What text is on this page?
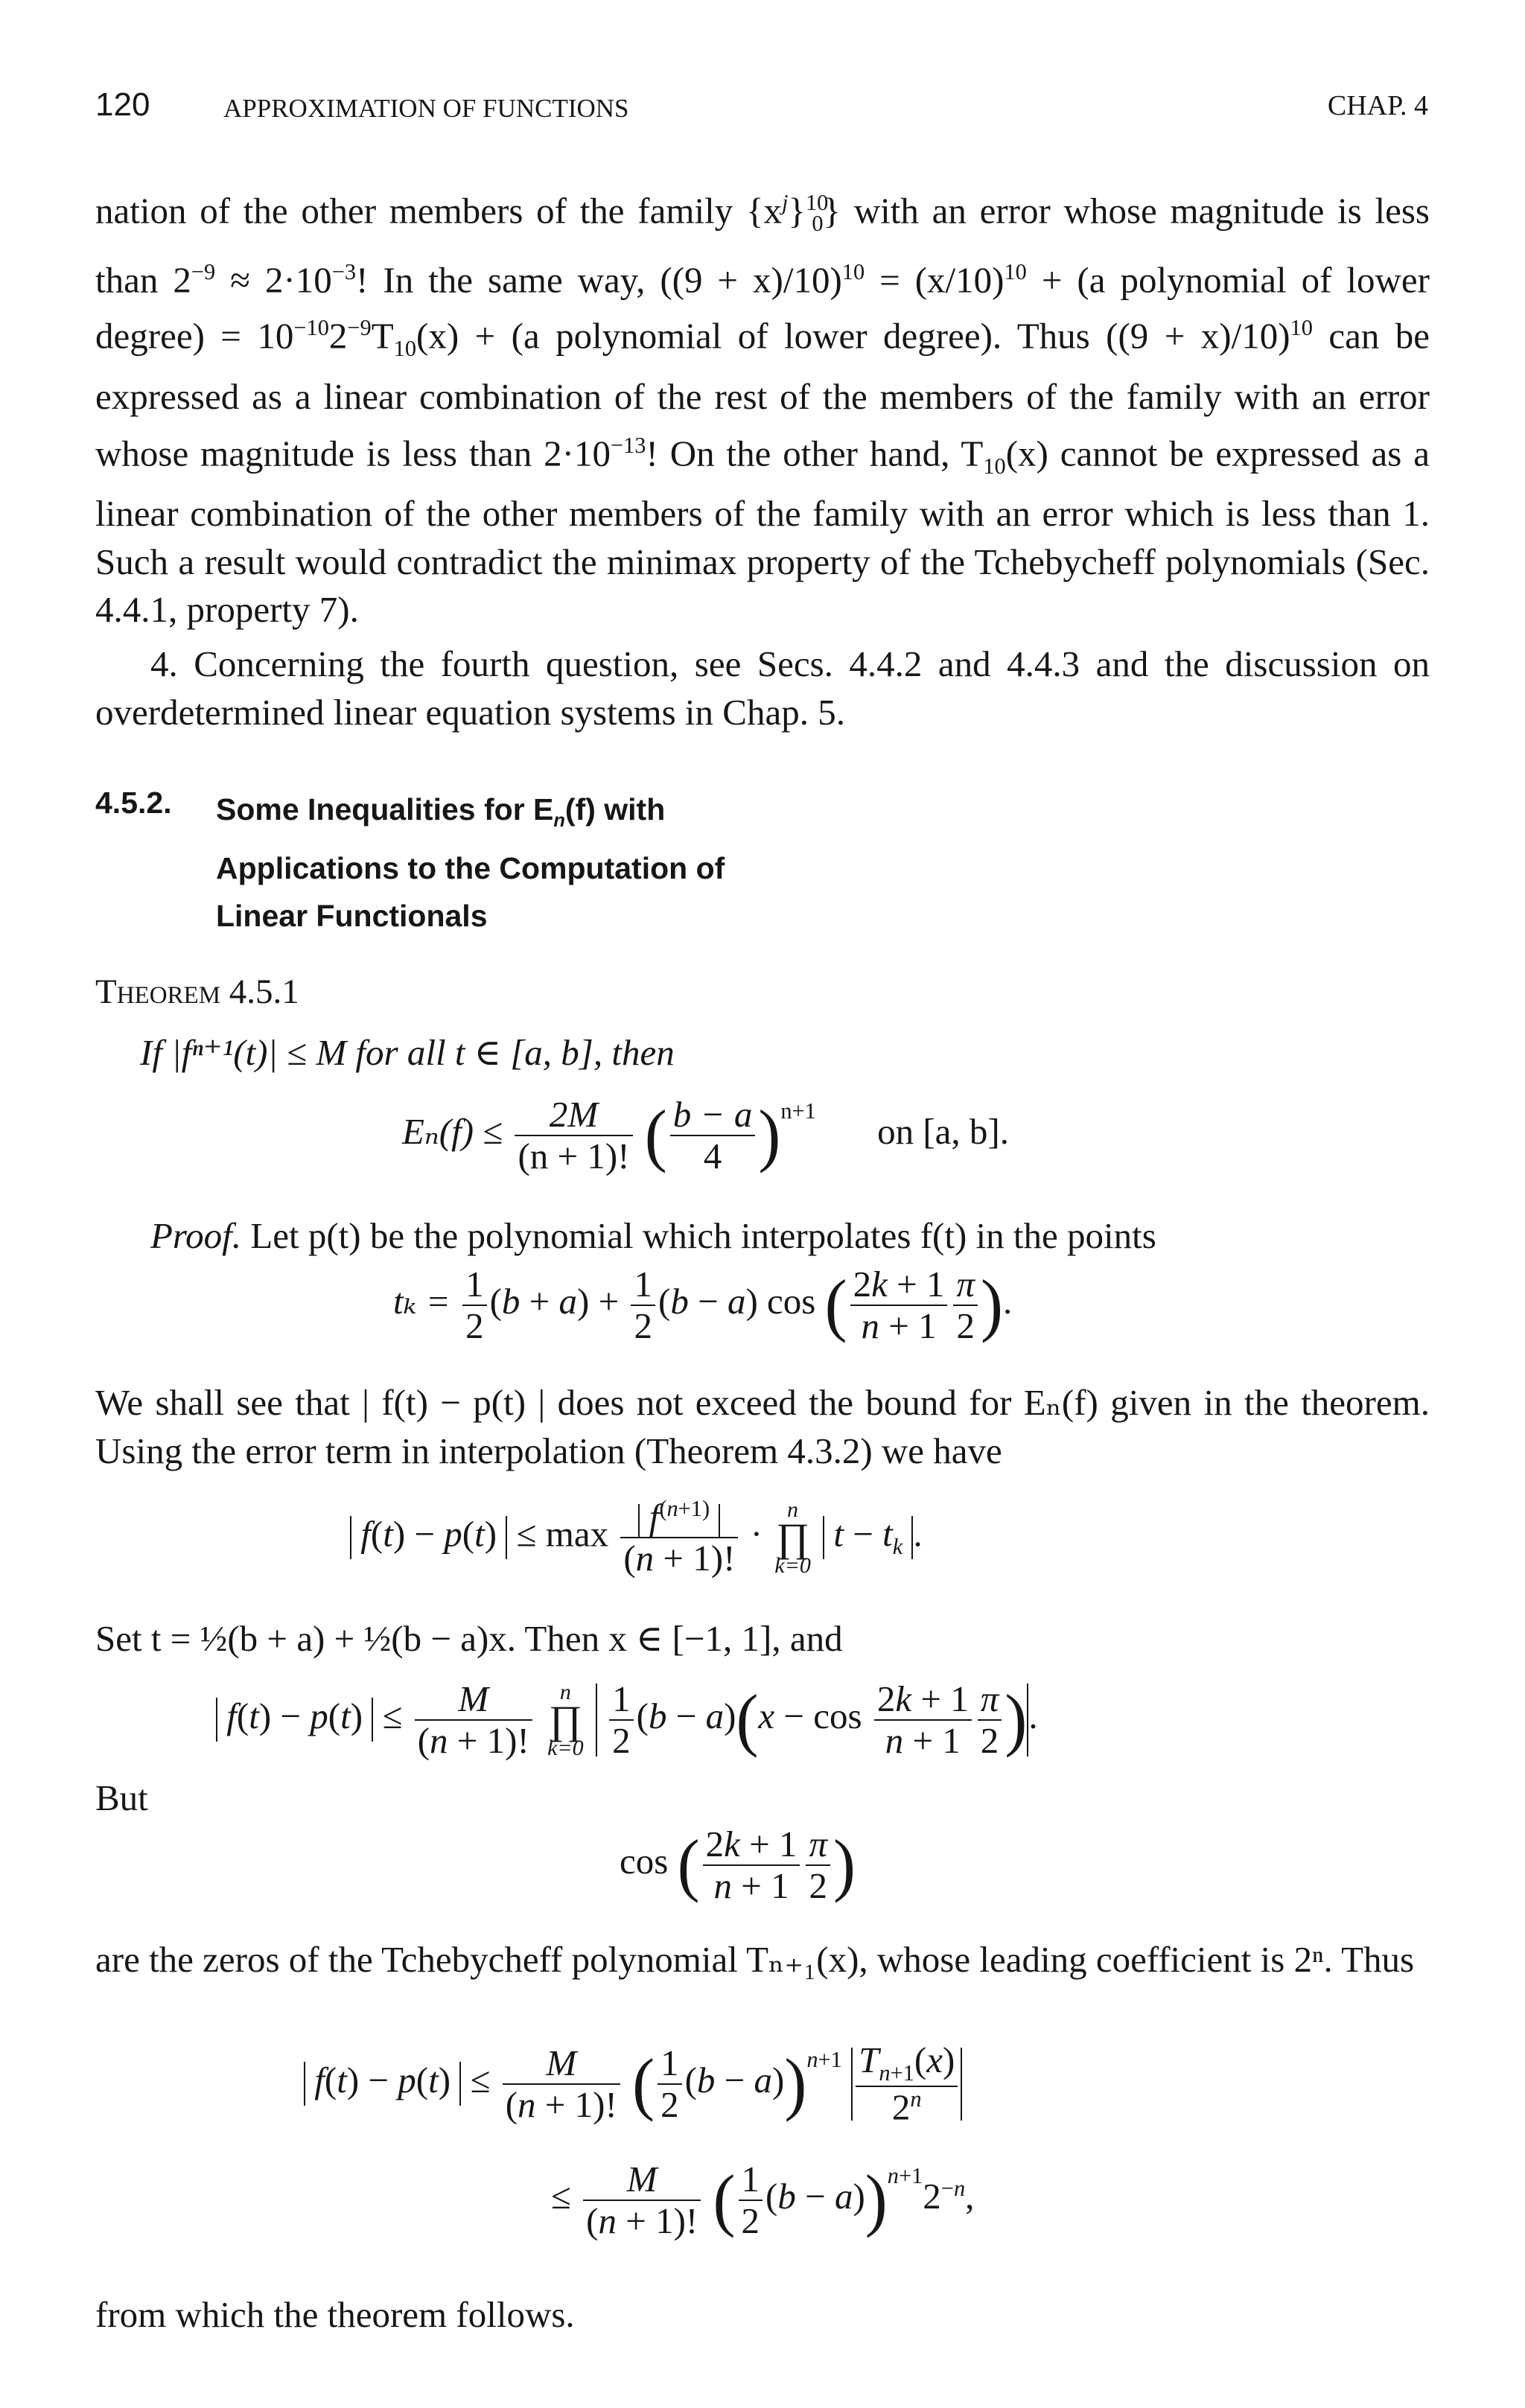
120	APPROXIMATION OF FUNCTIONS	CHAP. 4

nation of the other members of the family $\{x^j\}^{10}_0$} with an error whose magnitude is less than $2^{-9} \approx 2\cdot 10^{-3}$! In the same way, $((9 + x)/10)^{10} = (x/10)^{10} + (a$ polynomial of lower degree) = $10^{-10}2^{-9}T_{10}(x) + (a$ polynomial of lower degree). Thus $((9 + x)/10)^{10}$ can be expressed as a linear combination of the rest of the members of the family with an error whose magnitude is less than $2\cdot 10^{-13}$! On the other hand, $T_{10}(x)$ cannot be expressed as a linear combination of the other members of the family with an error which is less than 1. Such a result would contradict the minimax property of the Tchebycheff polynomials (Sec. 4.4.1, property 7).

4. Concerning the fourth question, see Secs. 4.4.2 and 4.4.3 and the discussion on overdetermined linear equation systems in Chap. 5.

4.5.2. Some Inequalities for $E_n(f)$ with
Applications to the Computation of
Linear Functionals
Theorem 4.5.1
If |fⁿ⁺¹(t)| ≤ M for all t ∈ [a, b], then
$E_n(f) \le \frac{2M}{(n + 1)!}$ ( $\frac{b - a}{4} )^{n+1}$ on [a, b].

Proof. Let p(t) be the polynomial which interpolates f(t) in the points

$t_k = \frac{1}{2} (b + a) + \frac{1}{2} (b - a)$ cos ( $\frac{2k + 1}{n + 1} \frac{\pi}{2}$ ).

We shall see that | f(t) − p(t) | does not exceed the bound for Eₙ(f) given in the theorem. Using the error term in interpolation (Theorem 4.3.2) we have

$f(t) - p(t) \le \max \frac{f^{(n+1)}}{(n + 1)!}$ ·
n
∏
k=0
$t - t_k$ .
Set t = ½(b + a) + ½(b − a)x. Then x ∈ [−1, 1], and
$f(t) - p(t) \le \frac{M}{(n + 1)!}$
	n
∏
k=0
$\frac{1}{2} (b - a)(x - \cos \frac{2k + 1}{n + 1} \frac{\pi}{2}$ ).
But
cos ( $\frac{2k + 1}{n + 1} \frac{\pi}{2}$ )

are the zeros of the Tchebycheff polynomial Tₙ₊₁(x), whose leading coefficient is 2ⁿ. Thus

$f(t) - p(t) \le \frac{M}{(n + 1)!}$ ( $\frac{1}{2} (b - a))^{n+1} \frac{T_{n+1}(x)}{2^n}$
≤ $\frac{M}{(n + 1)!}$ ( $\frac{1}{2} (b - a))^{n+1}2^{-n}$,
from which the theorem follows.
